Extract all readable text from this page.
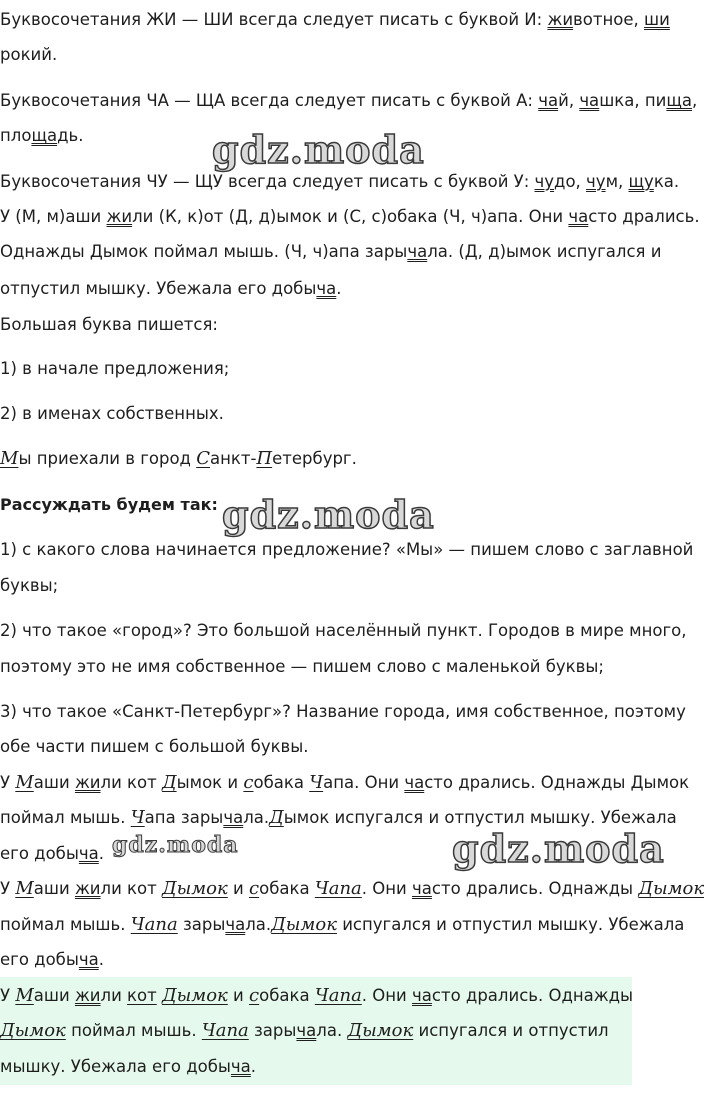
Буквосочетания ЖИ — ШИ всегда следует писать с буквой И: животное, ши
рокий.
Буквосочетания ЧА — ЩА всегда следует писать с буквой А: чай, чашка, пища,
площадь.
Буквосочетания ЧУ — ЩУ всегда следует писать с буквой У: чудо, чум, щука.
У (М, м)аши жили (К, к)от (Д, д)ымок и (С, с)обака (Ч, ч)апа. Они часто дрались.
Однажды Дымок поймал мышь. (Ч, ч)апа зарычала. (Д, д)ымок испугался и
отпустил мышку. Убежала его добыча.
Большая буква пишется:
1) в начале предложения;
2) в именах собственных.
Мы приехали в город Санкт-Петербург.
Рассуждать будем так:
1) с какого слова начинается предложение? «Мы» — пишем слово с заглавной
буквы;
2) что такое «город»? Это большой населённый пункт. Городов в мире много,
поэтому это не имя собственное — пишем слово с маленькой буквы;
3) что такое «Санкт-Петербург»? Название города, имя собственное, поэтому
обе части пишем с большой буквы.
У Маши жили кот Дымок и собака Чапа. Они часто дрались. Однажды Дымок
поймал мышь. Чапа зарычала.Дымок испугался и отпустил мышку. Убежала
его добыча.
У Маши жили кот Дымок и собака Чапа. Они часто дрались. Однажды Дымок
поймал мышь. Чапа зарычала.Дымок испугался и отпустил мышку. Убежала
его добыча.
У Маши жили кот Дымок и собака Чапа. Они часто дрались. Однажды
Дымок поймал мышь. Чапа зарычала. Дымок испугался и отпустил
мышку. Убежала его добыча.
gdz.moda
gdz.moda
gdz.moda	gdz.moda
